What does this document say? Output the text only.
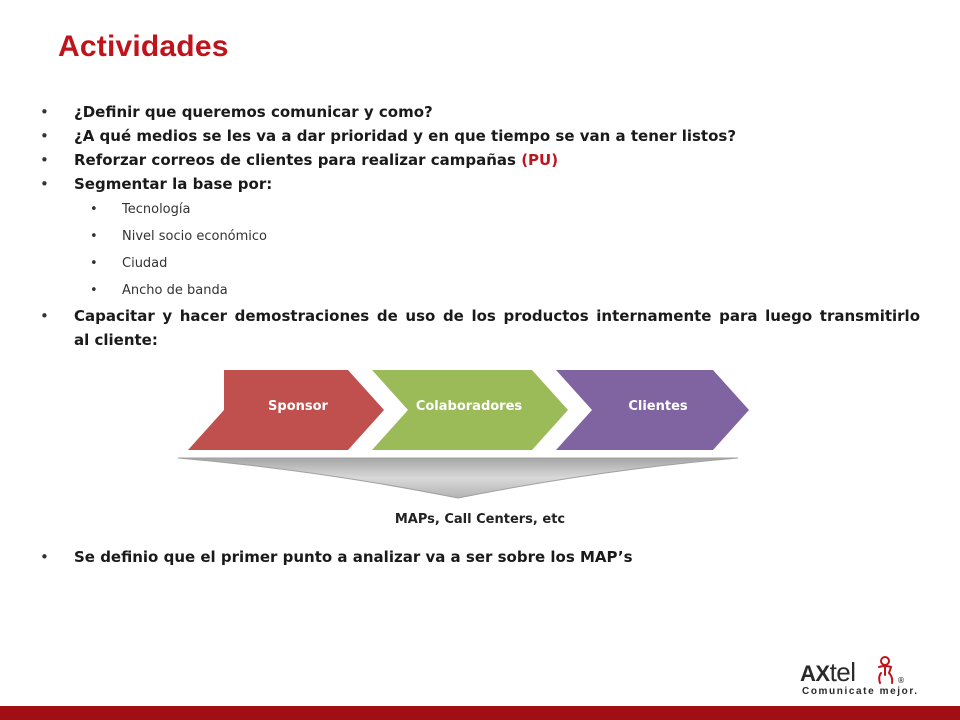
Actividades
• ¿Definir que queremos comunicar y como?
• ¿A qué medios se les va a dar prioridad y en que tiempo se van a tener listos?
• Reforzar correos de clientes para realizar campañas (PU)
• Segmentar la base por:
• Tecnología
• Nivel socio económico
• Ciudad
• Ancho de banda
• Capacitar y hacer demostraciones de uso de los productos internamente para luego transmitirlo
al cliente:
Sponsor	Colaboradores	Clientes
MAPs, Call Centers, etc
• Se definio que el primer punto a analizar va a ser sobre los MAP’s
AXtel	®
Comunicate mejor.
